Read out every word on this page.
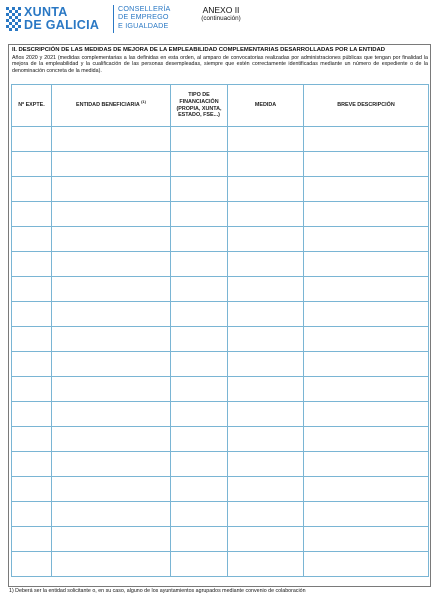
XUNTA
DE GALICIA
CONSELLERÍA
DE EMPREGO
E IGUALDADE
ANEXO II
(continuación)
II. DESCRIPCIÓN DE LAS MEDIDAS DE MEJORA DE LA EMPLEABILIDAD COMPLEMENTARIAS DESARROLLADAS POR LA ENTIDAD
Años 2020 y 2021 (medidas complementarias a las definidas en esta orden, al amparo de convocatorias realizadas por administraciones públicas que tengan por finalidad la mejora de la empleabilidad y la cualificación de las personas desempleadas, siempre que estén correctamente identificadas mediante un número de expediente o de la denominación concreta de la medida).
Nº EXPTE.	ENTIDAD BENEFICIARIA $^{(1)}$	TIPO DE
FINANCIACIÓN
(PROPIA, XUNTA,
ESTADO, FSE...)	MEDIDA	BREVE DESCRIPCIÓN

1) Deberá ser la entidad solicitante o, en su caso, alguno de los ayuntamientos agrupados mediante convenio de colaboración
